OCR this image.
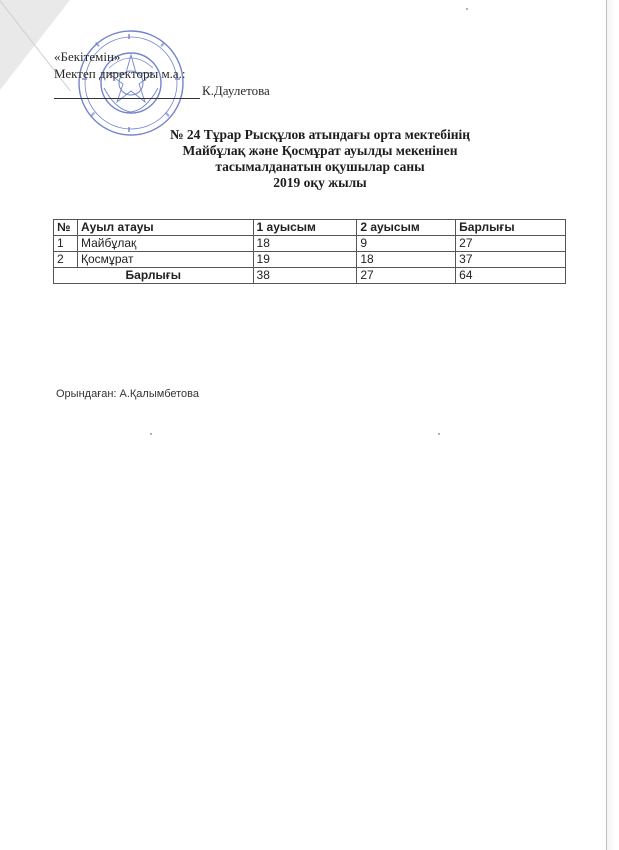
«Бекітемін»
Мектеп директоры м.а.:
К.Даулетова
№ 24 Тұрар Рысқұлов атындағы орта мектебінің
Майбұлақ және Қосмұрат ауылды мекенінен
тасымалданатын оқушылар саны
2019 оқу жылы
№	Ауыл атауы	1 ауысым	2 ауысым	Барлығы
1	Майбұлақ	18	9	27
2	Қосмұрат	19	18	37
Барлығы		38	27	64
Орындаған: А.Қалымбетова
